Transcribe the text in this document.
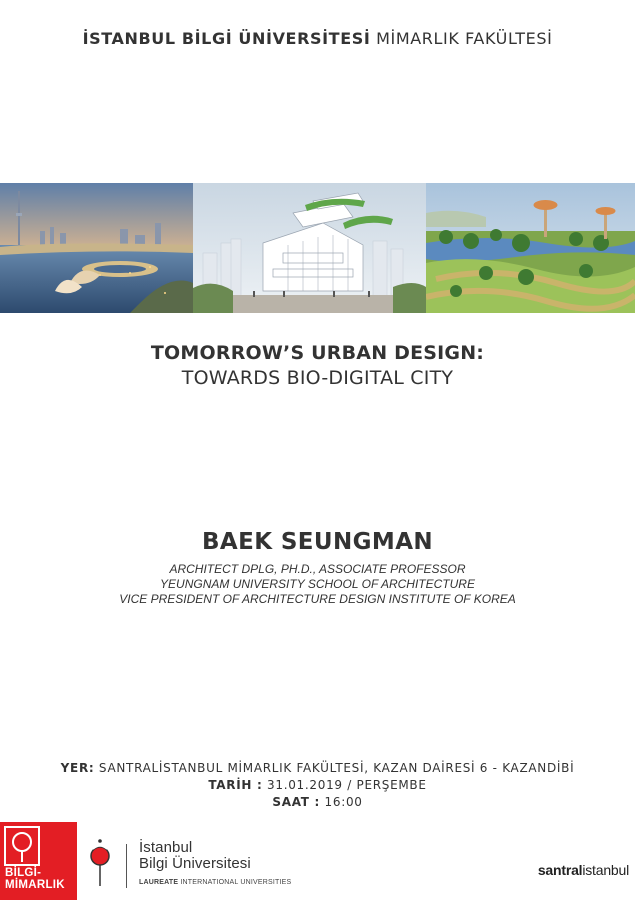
İSTANBUL BİLGİ ÜNİVERSİTESİ MİMARLIK FAKÜLTESİ
TOMORROW’S URBAN DESIGN:
TOWARDS BIO-DIGITAL CITY
BAEK SEUNGMAN
ARCHITECT DPLG, PH.D., ASSOCIATE PROFESSOR
YEUNGNAM UNIVERSITY SCHOOL OF ARCHITECTURE
VICE PRESIDENT OF ARCHITECTURE DESIGN INSTITUTE OF KOREA
YER: SANTRALİSTANBUL MİMARLIK FAKÜLTESİ, KAZAN DAİRESİ 6 - KAZANDİBİ
TARİH : 31.01.2019 / PERŞEMBE
SAAT : 16:00
BİLGİ-
MİMARLIK
İstanbul
Bilgi Üniversitesi
LAUREATE INTERNATIONAL UNIVERSITIES
santralistanbul
